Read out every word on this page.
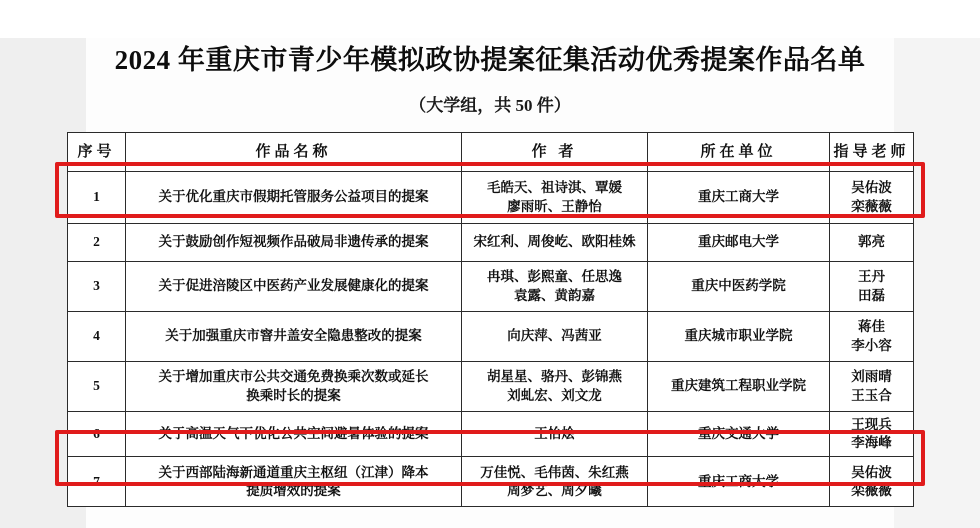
2024 年重庆市青少年模拟政协提案征集活动优秀提案作品名单
（大学组，共 50 件）
序号	作品名称	作 者	所在单位	指导老师
1	关于优化重庆市假期托管服务公益项目的提案	毛皓天、祖诗淇、覃媛
廖雨昕、王静怡	重庆工商大学	吴佑波
栾薇薇

2	关于鼓励创作短视频作品破局非遗传承的提案	宋红利、周俊屹、欧阳桂姝	重庆邮电大学	郭亮

3	关于促进涪陵区中医药产业发展健康化的提案	冉琪、彭熙童、任思逸
袁露、黄韵嘉	重庆中医药学院	王丹
田磊

4	关于加强重庆市窨井盖安全隐患整改的提案	向庆萍、冯茜亚	重庆城市职业学院	蒋佳
李小容

5	关于增加重庆市公共交通免费换乘次数或延长
换乘时长的提案	胡星星、骆丹、彭锦燕
刘虬宏、刘文龙	重庆建筑工程职业学院	刘雨晴
王玉合

6	关于高温天气下优化公共空间避暑体验的提案	王怡烩	重庆交通大学	王现兵
李海峰

7	关于西部陆海新通道重庆主枢纽（江津）降本
提质增效的提案	万佳悦、毛伟茵、朱红燕
周梦艺、周夕曦	重庆工商大学	吴佑波
栾薇薇
